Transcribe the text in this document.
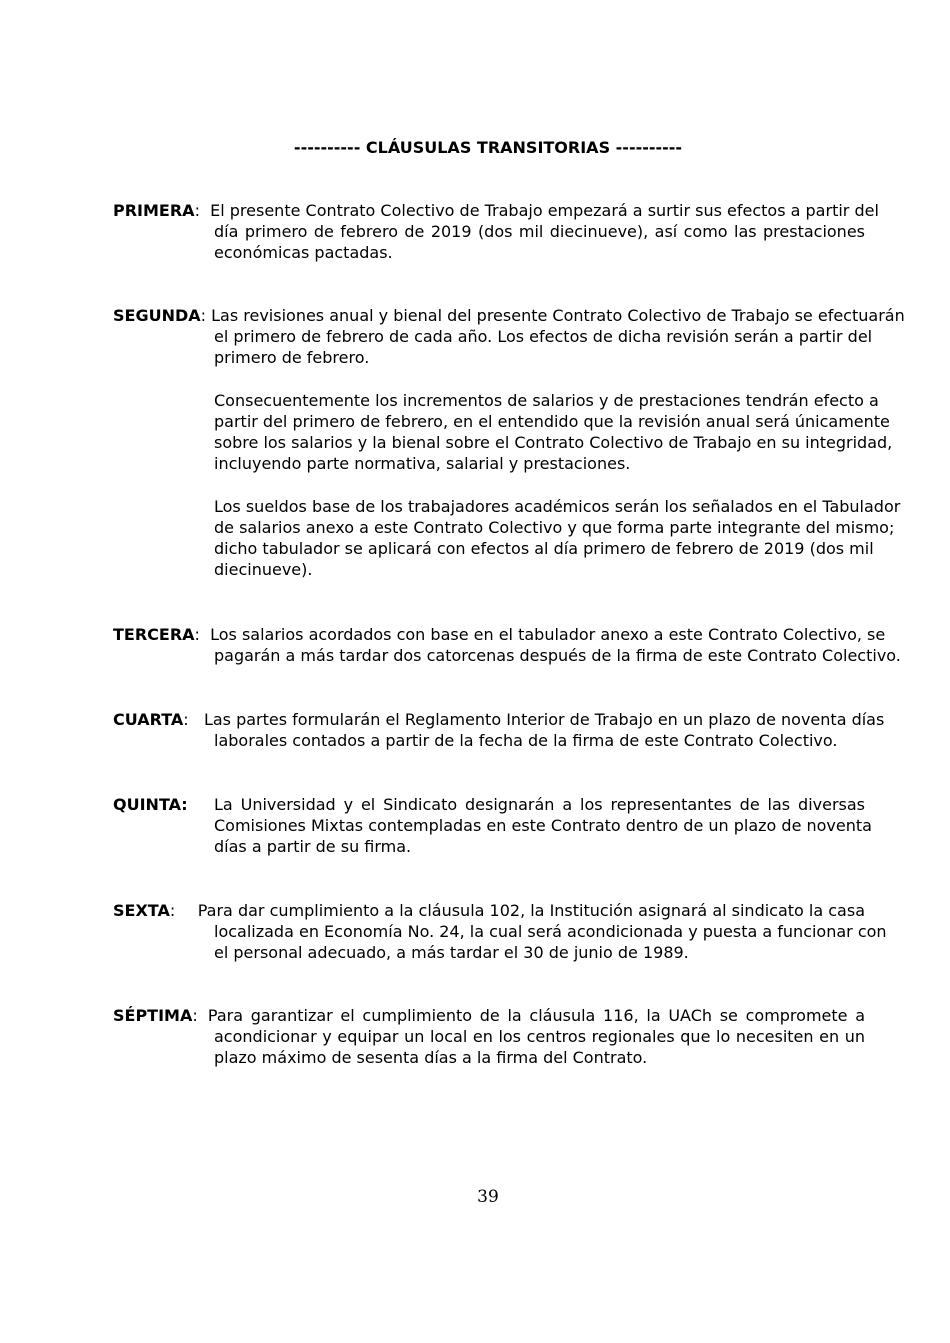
---------- CLÁUSULAS TRANSITORIAS ----------
PRIMERA: El presente Contrato Colectivo de Trabajo empezará a surtir sus efectos a partir del
día primero de febrero de 2019 (dos mil diecinueve), así como las prestaciones
económicas pactadas.
SEGUNDA: Las revisiones anual y bienal del presente Contrato Colectivo de Trabajo se efectuarán
el primero de febrero de cada año. Los efectos de dicha revisión serán a partir del
primero de febrero.
Consecuentemente los incrementos de salarios y de prestaciones tendrán efecto a
partir del primero de febrero, en el entendido que la revisión anual será únicamente
sobre los salarios y la bienal sobre el Contrato Colectivo de Trabajo en su integridad,
incluyendo parte normativa, salarial y prestaciones.
Los sueldos base de los trabajadores académicos serán los señalados en el Tabulador
de salarios anexo a este Contrato Colectivo y que forma parte integrante del mismo;
dicho tabulador se aplicará con efectos al día primero de febrero de 2019 (dos mil
diecinueve).
TERCERA: Los salarios acordados con base en el tabulador anexo a este Contrato Colectivo, se
pagarán a más tardar dos catorcenas después de la firma de este Contrato Colectivo.
CUARTA: Las partes formularán el Reglamento Interior de Trabajo en un plazo de noventa días
laborales contados a partir de la fecha de la firma de este Contrato Colectivo.
QUINTA:	La Universidad y el Sindicato designarán a los representantes de las diversas
Comisiones Mixtas contempladas en este Contrato dentro de un plazo de noventa
días a partir de su firma.
SEXTA:	Para dar cumplimiento a la cláusula 102, la Institución asignará al sindicato la casa
localizada en Economía No. 24, la cual será acondicionada y puesta a funcionar con
el personal adecuado, a más tardar el 30 de junio de 1989.
SÉPTIMA: Para garantizar el cumplimiento de la cláusula 116, la UACh se compromete a
acondicionar y equipar un local en los centros regionales que lo necesiten en un
plazo máximo de sesenta días a la firma del Contrato.
39
